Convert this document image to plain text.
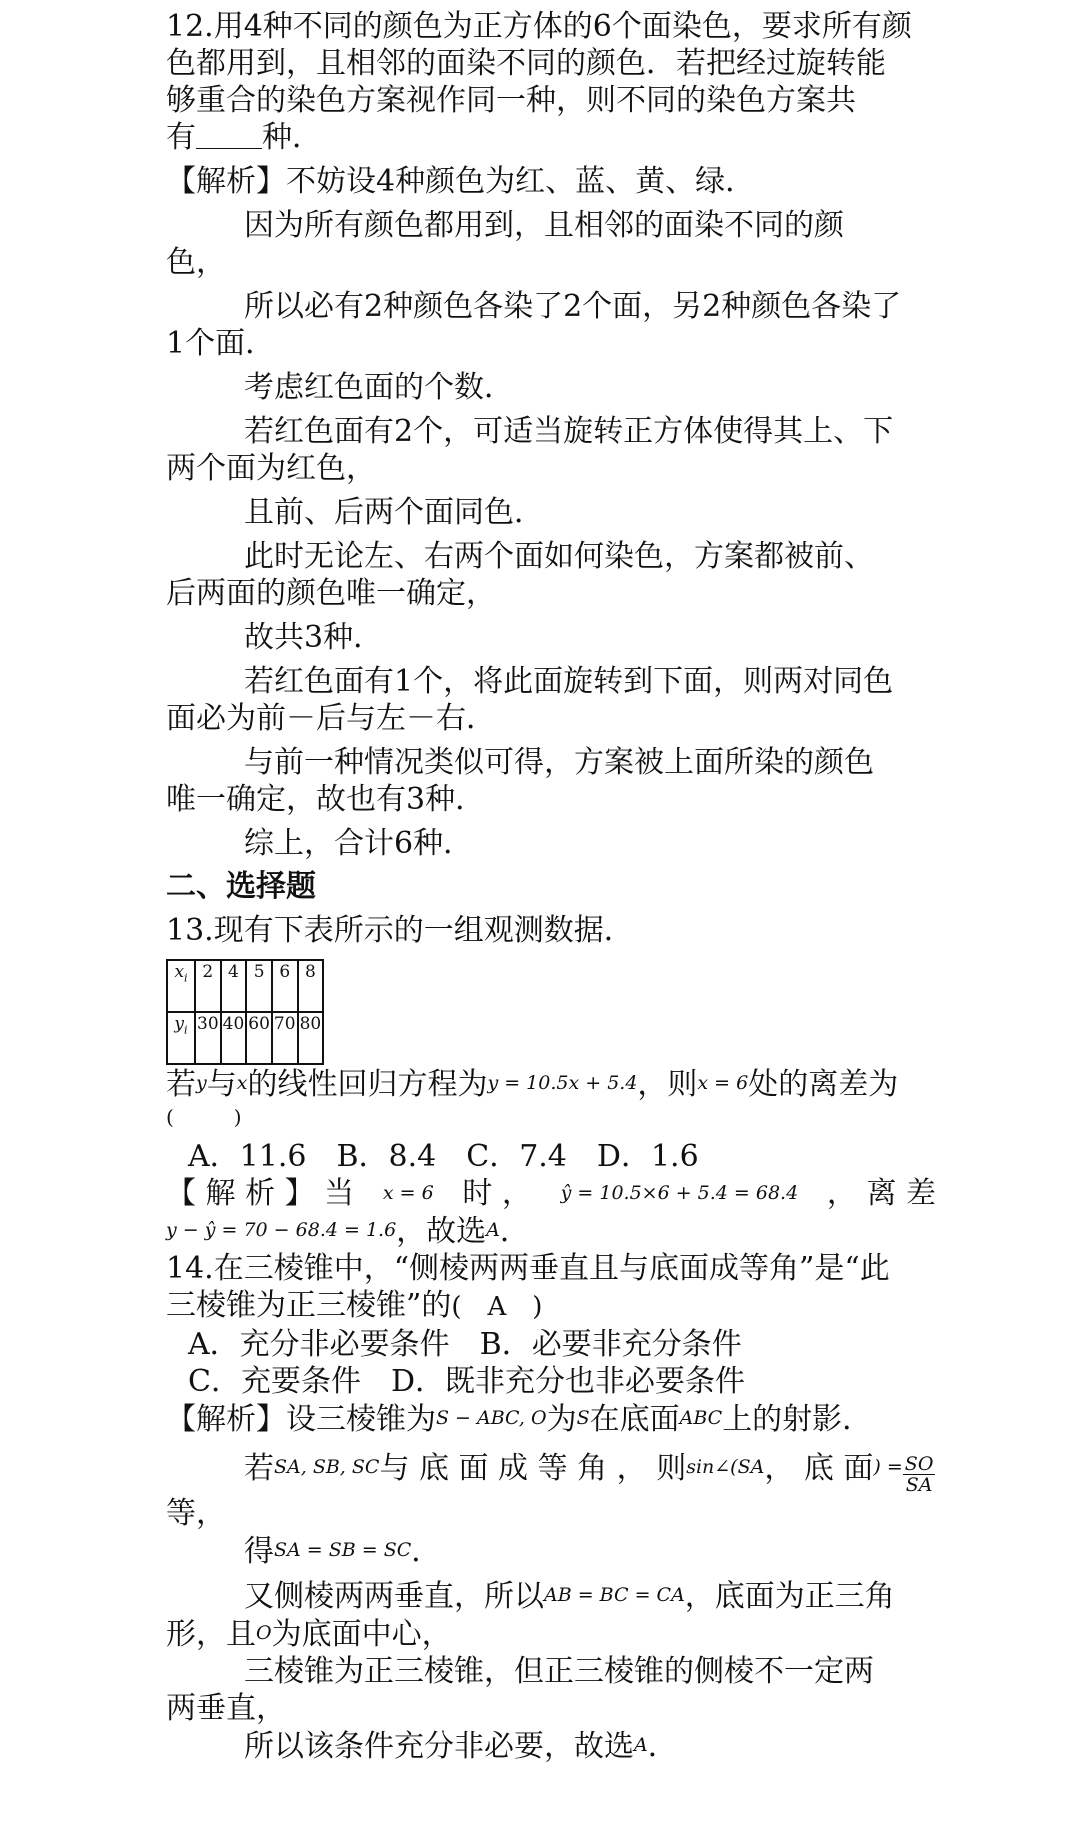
12.用4种不同的颜色为正方体的6个面染色，要求所有颜
色都用到，且相邻的面染不同的颜色．若把经过旋转能
够重合的染色方案视作同一种，则不同的染色方案共
有 种．
【解析】不妨设4种颜色为红、蓝、黄、绿．
因为所有颜色都用到，且相邻的面染不同的颜
色，
所以必有2种颜色各染了2个面，另2种颜色各染了
1个面．
考虑红色面的个数．
若红色面有2个，可适当旋转正方体使得其上、下
两个面为红色，
且前、后两个面同色．
此时无论左、右两个面如何染色，方案都被前、
后两面的颜色唯一确定，
故共3种．
若红色面有1个，将此面旋转到下面，则两对同色
面必为前－后与左－右．
与前一种情况类似可得，方案被上面所染的颜色
唯一确定，故也有3种．
综上，合计6种．
二、选择题
13.现有下表所示的一组观测数据．
$x_i$	2	4	5	6	8
$y_i$	30	40	60	70	80
若y与x的线性回归方程为y = 10.5x + 5.4，则x = 6处的离差为
(　　　)
A．11.6 B．8.4 C．7.4 D．1.6
【 解 析 】 当 x = 6 时 ， ŷ = 10.5×6 + 5.4 = 68.4 ， 离 差
y − ŷ = 70 − 68.4 = 1.6，故选A．
14.在三棱锥中，“侧棱两两垂直且与底面成等角”是“此
三棱锥为正三棱锥”的(　A　)
A．充分非必要条件 B．必要非充分条件
C．充要条件 D．既非充分也非必要条件
【解析】设三棱锥为S − ABC, O为S在底面ABC上的射影．
若SA, SB, SC与 底 面 成 等 角 ， 则sin∠(SA， 底 面) = $\frac{SO}{SA}$
等，
得SA = SB = SC．
又侧棱两两垂直，所以AB = BC = CA，底面为正三角
形，且O为底面中心，
三棱锥为正三棱锥，但正三棱锥的侧棱不一定两
两垂直，
所以该条件充分非必要，故选A．
